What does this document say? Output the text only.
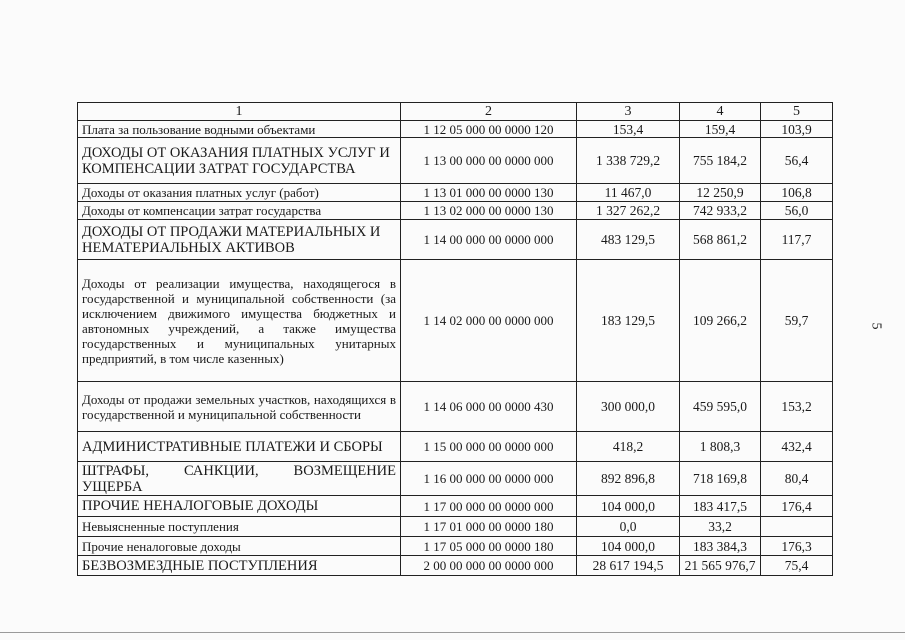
5
1	2	3	4	5
Плата за пользование водными объектами	1 12 05 000 00 0000 120	153,4	159,4	103,9
ДОХОДЫ ОТ ОКАЗАНИЯ ПЛАТНЫХ УСЛУГ И КОМПЕНСАЦИИ ЗАТРАТ ГОСУДАРСТВА	1 13 00 000 00 0000 000	1 338 729,2	755 184,2	56,4
Доходы от оказания платных услуг (работ)	1 13 01 000 00 0000 130	11 467,0	12 250,9	106,8
Доходы от компенсации затрат государства	1 13 02 000 00 0000 130	1 327 262,2	742 933,2	56,0
ДОХОДЫ ОТ ПРОДАЖИ МАТЕРИАЛЬНЫХ И НЕМАТЕРИАЛЬНЫХ АКТИВОВ	1 14 00 000 00 0000 000	483 129,5	568 861,2	117,7
Доходы от реализации имущества, находящегося в государственной и муниципальной собственности (за исключением движимого имущества бюджетных и автономных учреждений, а также имущества государственных и муниципальных унитарных предприятий, в том числе казенных)	1 14 02 000 00 0000 000	183 129,5	109 266,2	59,7
Доходы от продажи земельных участков, находящихся в государственной и муниципальной собственности	1 14 06 000 00 0000 430	300 000,0	459 595,0	153,2
АДМИНИСТРАТИВНЫЕ ПЛАТЕЖИ И СБОРЫ	1 15 00 000 00 0000 000	418,2	1 808,3	432,4
ШТРАФЫ, САНКЦИИ, ВОЗМЕЩЕНИЕ УЩЕРБА	1 16 00 000 00 0000 000	892 896,8	718 169,8	80,4
ПРОЧИЕ НЕНАЛОГОВЫЕ ДОХОДЫ	1 17 00 000 00 0000 000	104 000,0	183 417,5	176,4
Невыясненные поступления	1 17 01 000 00 0000 180	0,0	33,2	
Прочие неналоговые доходы	1 17 05 000 00 0000 180	104 000,0	183 384,3	176,3
БЕЗВОЗМЕЗДНЫЕ ПОСТУПЛЕНИЯ	2 00 00 000 00 0000 000	28 617 194,5	21 565 976,7	75,4
